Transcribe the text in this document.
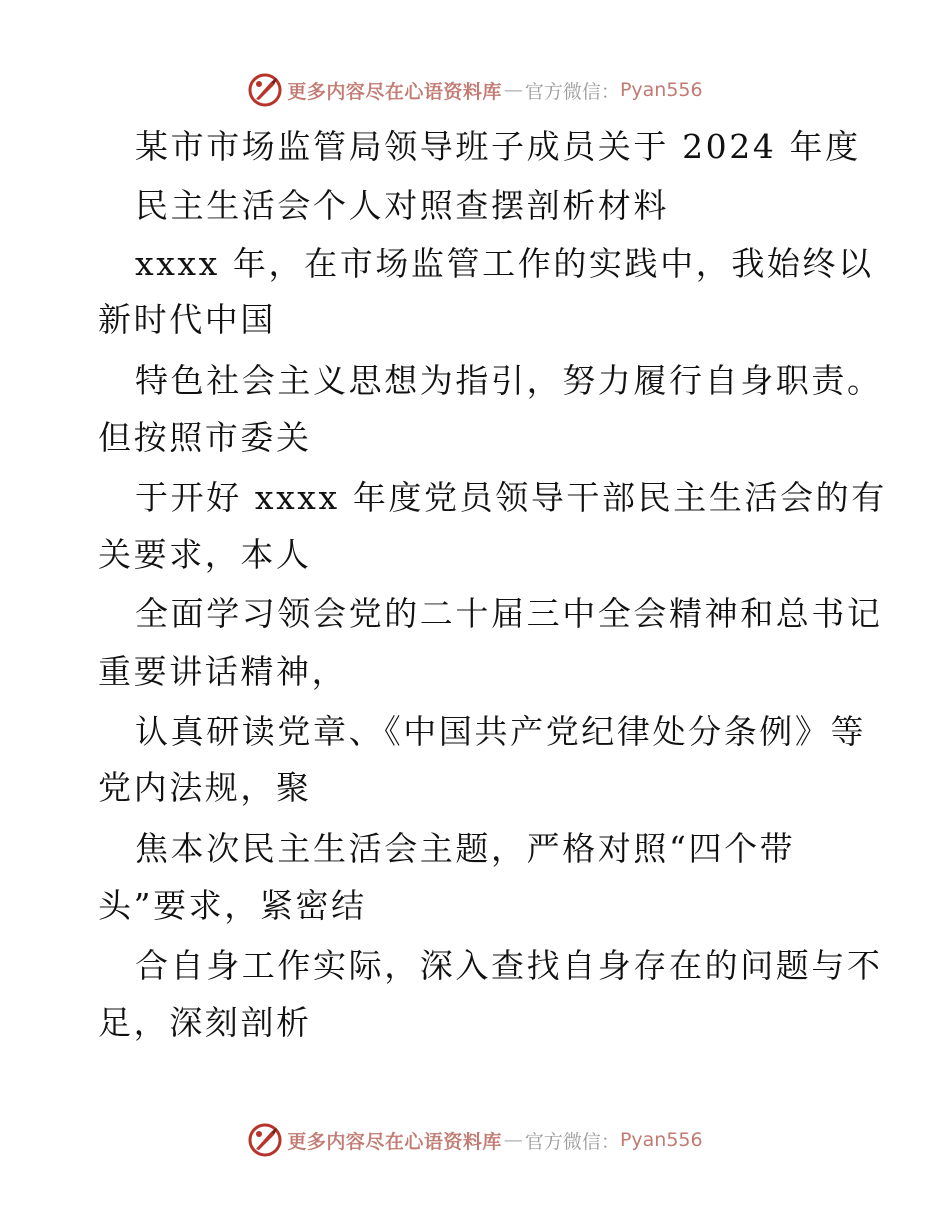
更多内容尽在心语资料库 — 官方微信： Pyan556
某市市场监管局领导班子成员关于 2024 年度
民主生活会个人对照查摆剖析材料
xxxx 年，在市场监管工作的实践中，我始终以
新时代中国
特色社会主义思想为指引，努力履行自身职责。
但按照市委关
于开好 xxxx 年度党员领导干部民主生活会的有
关要求，本人
全面学习领会党的二十届三中全会精神和总书记
重要讲话精神，
认真研读党章、《中国共产党纪律处分条例》等
党内法规，聚
焦本次民主生活会主题，严格对照“四个带
头”要求，紧密结
合自身工作实际，深入查找自身存在的问题与不
足，深刻剖析
更多内容尽在心语资料库 — 官方微信： Pyan556
